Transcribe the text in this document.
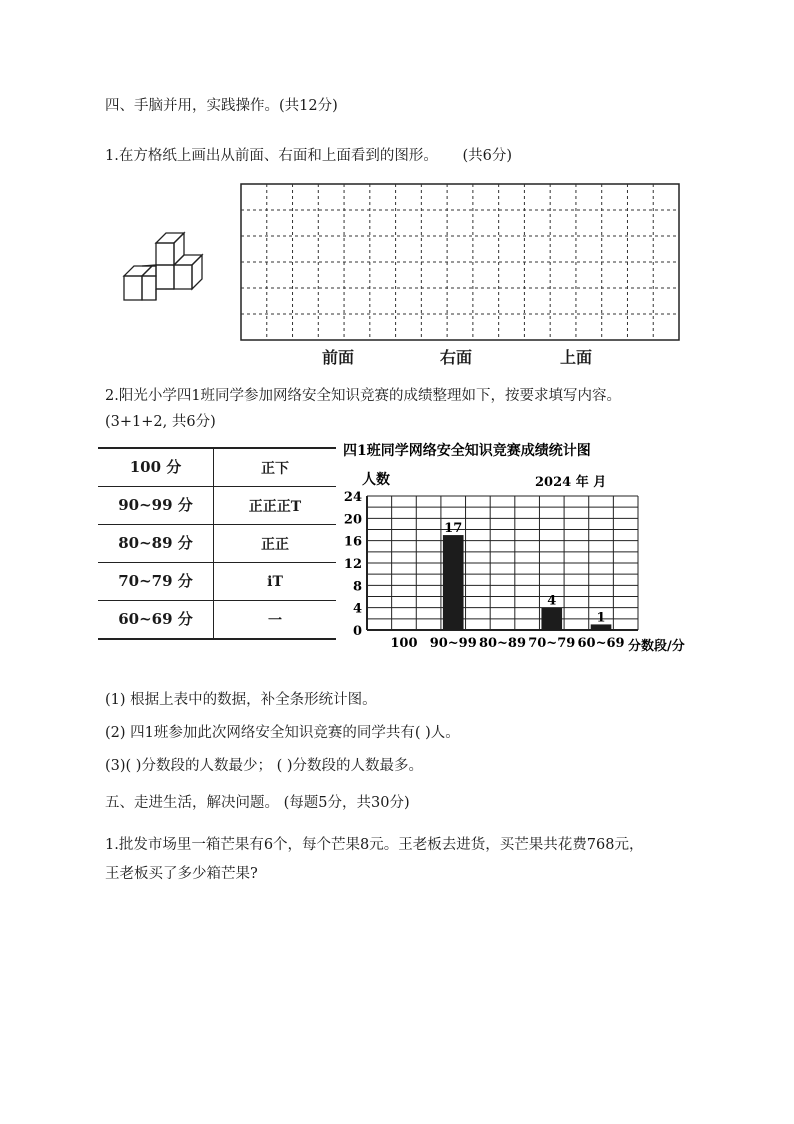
四、手脑并用，实践操作。(共12分)
1.在方格纸上画出从前面、右面和上面看到的图形。 (共6分)
前面	右面	上面
2.阳光小学四1班同学参加网络安全知识竞赛的成绩整理如下，按要求填写内容。
(3+1+2, 共6分)
100 分	正下
90~99 分	正正正T
80~89 分	正正
70~79 分	іT
60~69 分	一
四1班同学网络安全知识竞赛成绩统计图
人数	2024 年 月
0
4
8
12
16
20
24
100 90~99
17
80~89 70~79
4
60~69
1
分数段/分
(1) 根据上表中的数据，补全条形统计图。
(2) 四1班参加此次网络安全知识竞赛的同学共有( )人。
(3)( )分数段的人数最少； ( )分数段的人数最多。
五、走进生活，解决问题。 (每题5分，共30分)
1.批发市场里一箱芒果有6个，每个芒果8元。王老板去进货，买芒果共花费768元，
王老板买了多少箱芒果?
